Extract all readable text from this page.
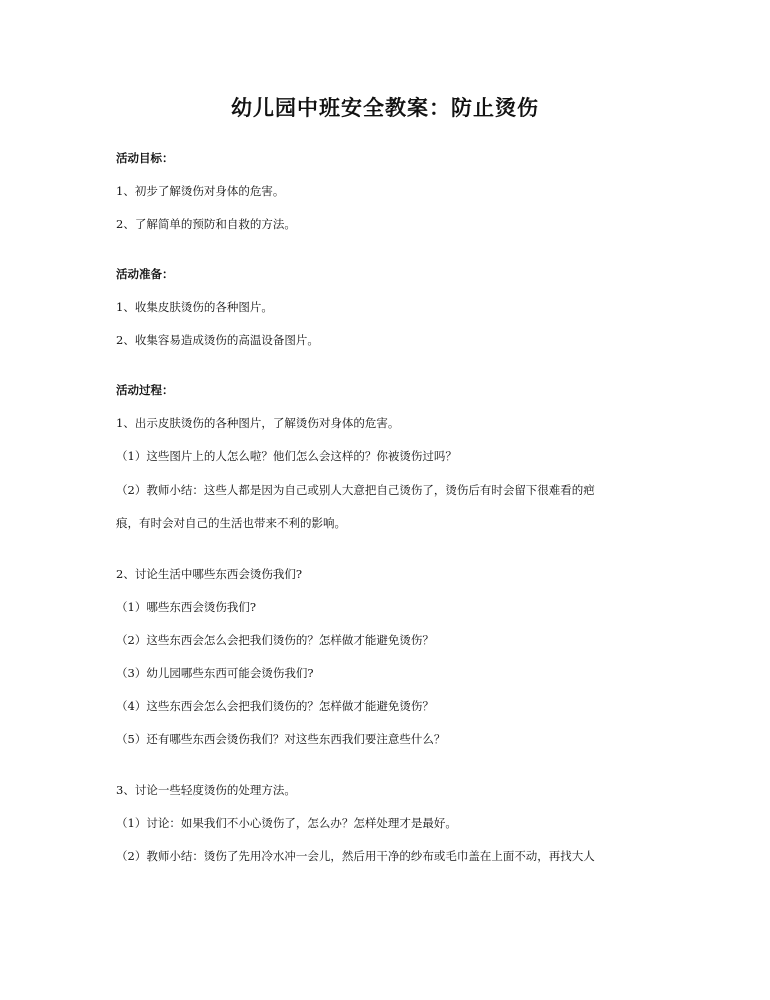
幼儿园中班安全教案：防止烫伤
活动目标：
1、初步了解烫伤对身体的危害。
2、了解简单的预防和自救的方法。
活动准备：
1、收集皮肤烫伤的各种图片。
2、收集容易造成烫伤的高温设备图片。
活动过程：
1、出示皮肤烫伤的各种图片，了解烫伤对身体的危害。
（1）这些图片上的人怎么啦？他们怎么会这样的？你被烫伤过吗？
（2）教师小结：这些人都是因为自己或别人大意把自己烫伤了，烫伤后有时会留下很难看的疤
痕，有时会对自己的生活也带来不利的影响。
2、讨论生活中哪些东西会烫伤我们?
（1）哪些东西会烫伤我们?
（2）这些东西会怎么会把我们烫伤的？怎样做才能避免烫伤？
（3）幼儿园哪些东西可能会烫伤我们?
（4）这些东西会怎么会把我们烫伤的？怎样做才能避免烫伤？
（5）还有哪些东西会烫伤我们？对这些东西我们要注意些什么？
3、讨论一些轻度烫伤的处理方法。
（1）讨论：如果我们不小心烫伤了，怎么办？怎样处理才是最好。
（2）教师小结：烫伤了先用冷水冲一会儿，然后用干净的纱布或毛巾盖在上面不动，再找大人
